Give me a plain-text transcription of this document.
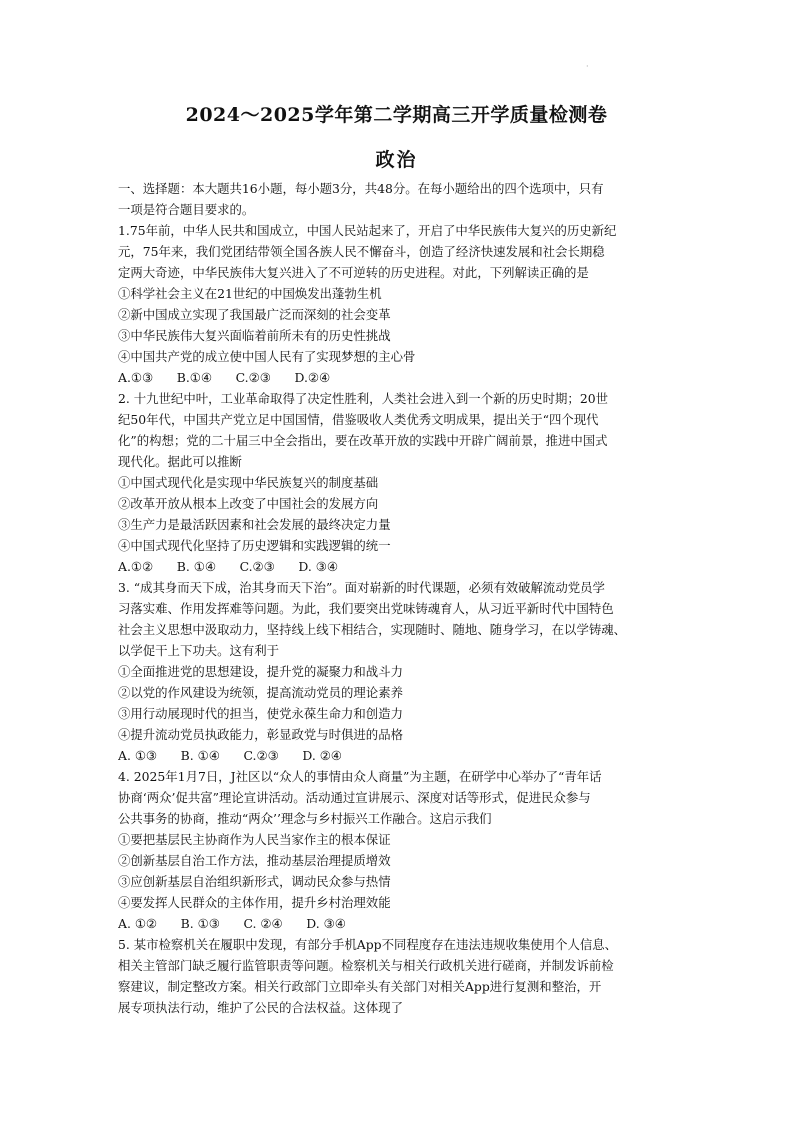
·
2024～2025学年第二学期高三开学质量检测卷
政治
一、选择题：本大题共16小题，每小题3分，共48分。在每小题给出的四个选项中，只有
一项是符合题目要求的。
1.75年前，中华人民共和国成立，中国人民站起来了，开启了中华民族伟大复兴的历史新纪
元，75年来，我们党团结带领全国各族人民不懈奋斗，创造了经济快速发展和社会长期稳
定两大奇迹，中华民族伟大复兴进入了不可逆转的历史进程。对此，下列解读正确的是
①科学社会主义在21世纪的中国焕发出蓬勃生机
②新中国成立实现了我国最广泛而深刻的社会变革
③中华民族伟大复兴面临着前所未有的历史性挑战
④中国共产党的成立使中国人民有了实现梦想的主心骨
A.①③      B.①④      C.②③      D.②④
2. 十九世纪中叶，工业革命取得了决定性胜利，人类社会进入到一个新的历史时期；20世
纪50年代，中国共产党立足中国国情，借鉴吸收人类优秀文明成果，提出关于“四个现代
化”的构想；党的二十届三中全会指出，要在改革开放的实践中开辟广阔前景，推进中国式
现代化。据此可以推断
①中国式现代化是实现中华民族复兴的制度基础
②改革开放从根本上改变了中国社会的发展方向
③生产力是最活跃因素和社会发展的最终决定力量
④中国式现代化坚持了历史逻辑和实践逻辑的统一
A.①②      B. ①④      C.②③      D. ③④
3. “成其身而天下成，治其身而天下治”。面对崭新的时代课题，必须有效破解流动党员学
习落实难、作用发挥难等问题。为此，我们要突出党味铸魂育人，从习近平新时代中国特色
社会主义思想中汲取动力，坚持线上线下相结合，实现随时、随地、随身学习，在以学铸魂、
以学促干上下功夫。这有利于
①全面推进党的思想建设，提升党的凝聚力和战斗力
②以党的作风建设为统领，提高流动党员的理论素养
③用行动展现时代的担当，使党永葆生命力和创造力
④提升流动党员执政能力，彰显政党与时俱进的品格
A. ①③      B. ①④      C.②③      D. ②④
4. 2025年1月7日，J社区以“众人的事情由众人商量”为主题，在研学中心举办了“青年话
协商‘两众’促共富”理论宣讲活动。活动通过宣讲展示、深度对话等形式，促进民众参与
公共事务的协商，推动“两众’’理念与乡村振兴工作融合。这启示我们
①要把基层民主协商作为人民当家作主的根本保证
②创新基层自治工作方法，推动基层治理提质增效
③应创新基层自治组织新形式，调动民众参与热情
④要发挥人民群众的主体作用，提升乡村治理效能
A. ①②      B. ①③      C. ②④      D. ③④
5. 某市检察机关在履职中发现，有部分手机App不同程度存在违法违规收集使用个人信息、
相关主管部门缺乏履行监管职责等问题。检察机关与相关行政机关进行磋商，并制发诉前检
察建议，制定整改方案。相关行政部门立即牵头有关部门对相关App进行复测和整治，开
展专项执法行动，维护了公民的合法权益。这体现了
